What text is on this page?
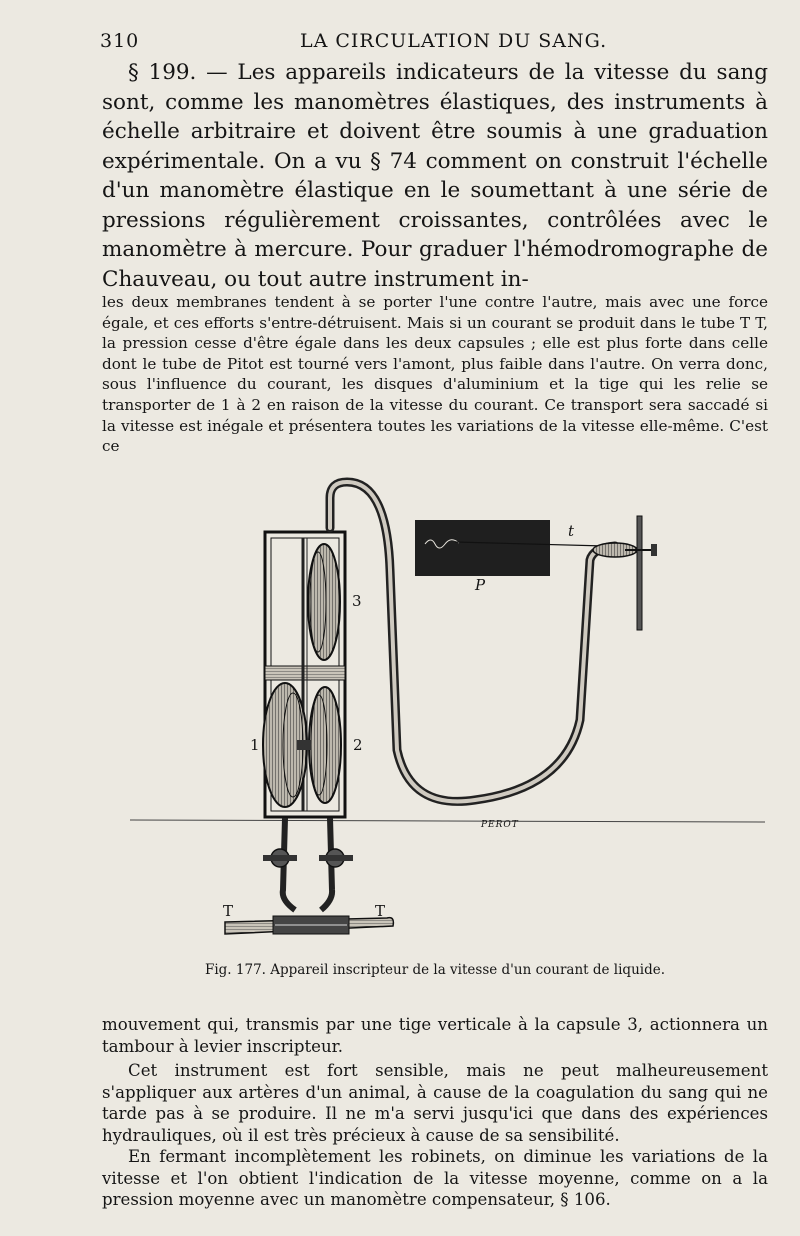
310	LA CIRCULATION DU SANG.

§ 199. — Les appareils indicateurs de la vitesse du sang sont, comme les manomètres élastiques, des instruments à échelle arbitraire et doivent être soumis à une graduation expérimentale. On a vu § 74 comment on construit l'échelle d'un manomètre élastique en le soumettant à une série de pressions régulièrement croissantes, contrôlées avec le manomètre à mercure. Pour graduer l'hémodromographe de Chauveau, ou tout autre instrument in-

les deux membranes tendent à se porter l'une contre l'autre, mais avec une force égale, et ces efforts s'entre-détruisent. Mais si un courant se produit dans le tube T T, la pression cesse d'être égale dans les deux capsules ; elle est plus forte dans celle dont le tube de Pitot est tourné vers l'amont, plus faible dans l'autre. On verra donc, sous l'influence du courant, les disques d'aluminium et la tige qui les relie se transporter de 1 à 2 en raison de la vitesse du courant. Ce transport sera saccadé si la vitesse est inégale et présentera toutes les variations de la vitesse elle-même. C'est ce

3
1	2
T	T
t
P
PEROT
Fig. 177. Appareil inscripteur de la vitesse d'un courant de liquide.

mouvement qui, transmis par une tige verticale à la capsule 3, actionnera un tambour à levier inscripteur.

Cet instrument est fort sensible, mais ne peut malheureusement s'appliquer aux artères d'un animal, à cause de la coagulation du sang qui ne tarde pas à se produire. Il ne m'a servi jusqu'ici que dans des expériences hydrauliques, où il est très précieux à cause de sa sensibilité.

En fermant incomplètement les robinets, on diminue les variations de la vitesse et l'on obtient l'indication de la vitesse moyenne, comme on a la pression moyenne avec un manomètre compensateur, § 106.
